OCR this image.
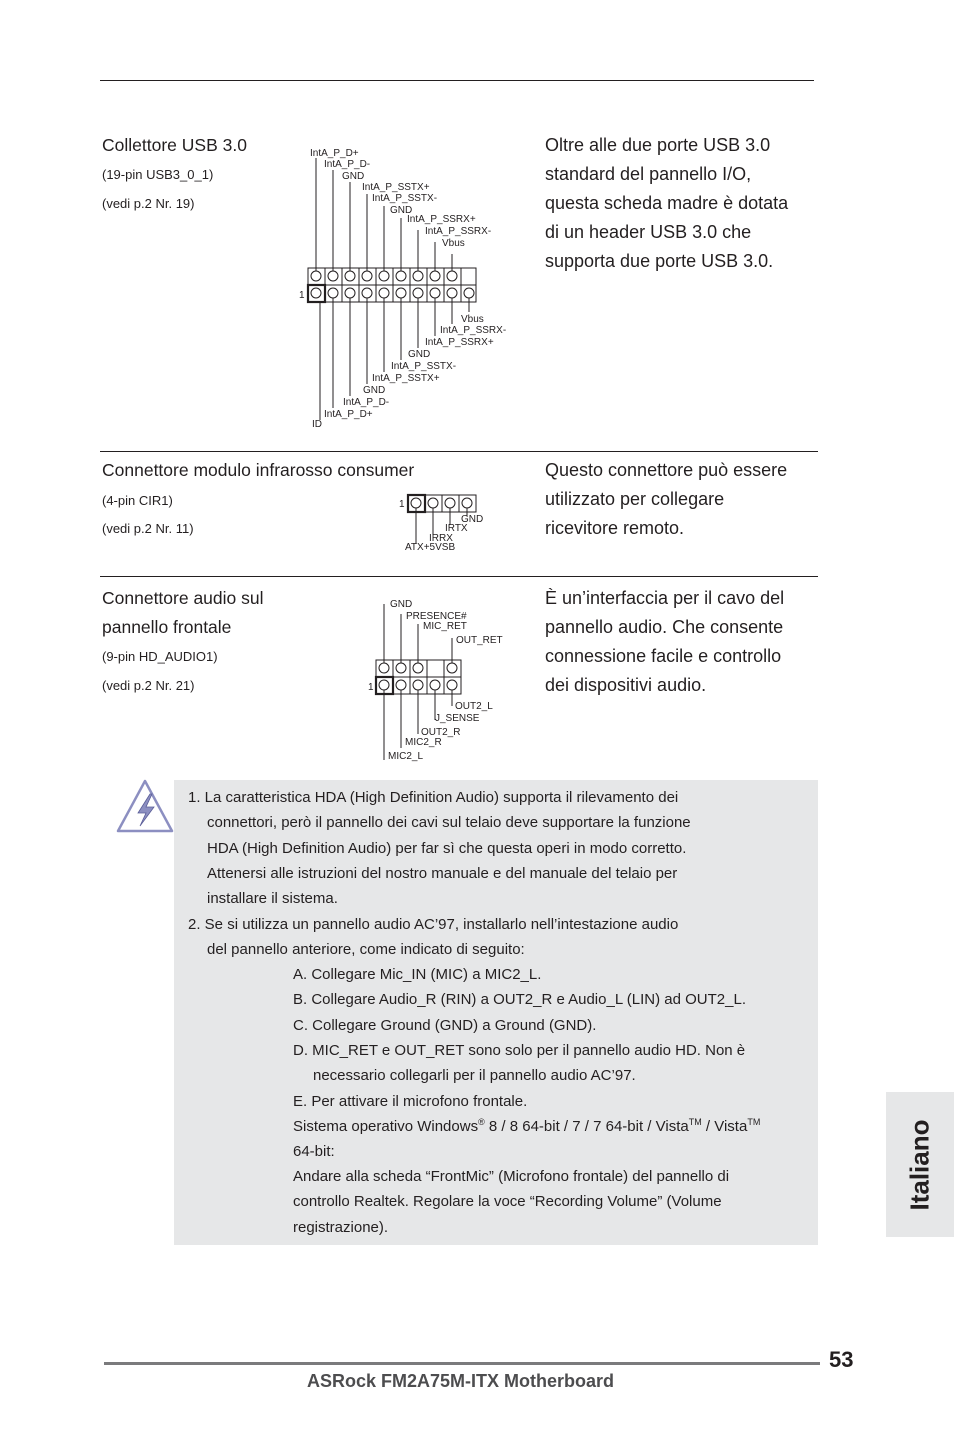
Collettore USB 3.0
(19-pin USB3_0_1)
(vedi p.2 Nr. 19)
Oltre alle due porte USB 3.0
standard del pannello I/O,
questa scheda madre è dotata
di un header USB 3.0 che
supporta due porte USB 3.0.
IntA_P_D+
IntA_P_D-
GND
IntA_P_SSTX+
IntA_P_SSTX-
GND
IntA_P_SSRX+
IntA_P_SSRX-
Vbus
1
Vbus
IntA_P_SSRX-
IntA_P_SSRX+
GND
IntA_P_SSTX-
IntA_P_SSTX+
GND
IntA_P_D-
IntA_P_D+
ID
Connettore modulo infrarosso consumer
(4-pin CIR1)
(vedi p.2 Nr. 11)
Questo connettore può essere
utilizzato per collegare
ricevitore remoto.
1
GND
IRTX
IRRX
ATX+5VSB
Connettore audio sul
pannello frontale
(9-pin HD_AUDIO1)
(vedi p.2 Nr. 21)
È un’interfaccia per il cavo del
pannello audio. Che consente
connessione facile e controllo
dei dispositivi audio.
GND
PRESENCE#
MIC_RET
OUT_RET
1
OUT2_L
J_SENSE
OUT2_R
MIC2_R
MIC2_L
1. La caratteristica HDA (High Definition Audio) supporta il rilevamento dei
connettori, però il pannello dei cavi sul telaio deve supportare la funzione
HDA (High Definition Audio) per far sì che questa operi in modo corretto.
Attenersi alle istruzioni del nostro manuale e del manuale del telaio per
installare il sistema.
2. Se si utilizza un pannello audio AC’97, installarlo nell’intestazione audio
del pannello anteriore, come indicato di seguito:
A. Collegare Mic_IN (MIC) a MIC2_L.
B. Collegare Audio_R (RIN) a OUT2_R e Audio_L (LIN) ad OUT2_L.
C. Collegare Ground (GND) a Ground (GND).
D. MIC_RET e OUT_RET sono solo per il pannello audio HD. Non è
necessario collegarli per il pannello audio AC’97.
E. Per attivare il microfono frontale.
Sistema operativo Windows® 8 / 8 64-bit / 7 / 7 64-bit / Vista™ / Vista™
64-bit:
Andare alla scheda “FrontMic” (Microfono frontale) del pannello di
controllo Realtek. Regolare la voce “Recording Volume” (Volume
registrazione).
Italiano
53
ASRock FM2A75M-ITX Motherboard
